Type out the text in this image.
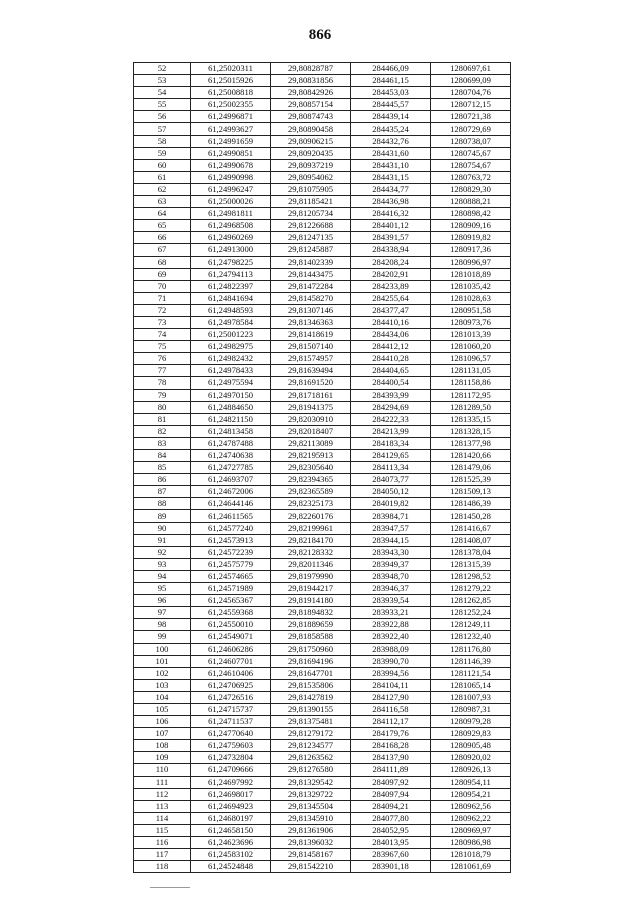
866
52	61,25020311	29,80828787	284466,09	1280697,61
53	61,25015926	29,80831856	284461,15	1280699,09
54	61,25008818	29,80842926	284453,03	1280704,76
55	61,25002355	29,80857154	284445,57	1280712,15
56	61,24996871	29,80874743	284439,14	1280721,38
57	61,24993627	29,80890458	284435,24	1280729,69
58	61,24991659	29,80906215	284432,76	1280738,07
59	61,24990851	29,80920435	284431,60	1280745,67
60	61,24990678	29,80937219	284431,10	1280754,67
61	61,24990998	29,80954062	284431,15	1280763,72
62	61,24996247	29,81075905	284434,77	1280829,30
63	61,25000026	29,81185421	284436,98	1280888,21
64	61,24981811	29,81205734	284416,32	1280898,42
65	61,24968508	29,81226688	284401,12	1280909,16
66	61,24960269	29,81247135	284391,57	1280919,82
67	61,24913000	29,81245887	284338,94	1280917,36
68	61,24798225	29,81402339	284208,24	1280996,97
69	61,24794113	29,81443475	284202,91	1281018,89
70	61,24822397	29,81472284	284233,89	1281035,42
71	61,24841694	29,81458270	284255,64	1281028,63
72	61,24948593	29,81307146	284377,47	1280951,58
73	61,24978584	29,81346363	284410,16	1280973,76
74	61,25001223	29,81418619	284434,06	1281013,39
75	61,24982975	29,81507140	284412,12	1281060,20
76	61,24982432	29,81574957	284410,28	1281096,57
77	61,24978433	29,81639494	284404,65	1281131,05
78	61,24975594	29,81691520	284400,54	1281158,86
79	61,24970150	29,81718161	284393,99	1281172,95
80	61,24884650	29,81941375	284294,69	1281289,50
81	61,24821150	29,82030910	284222,33	1281335,15
82	61,24813458	29,82018407	284213,99	1281328,15
83	61,24787488	29,82113089	284183,34	1281377,98
84	61,24740638	29,82195913	284129,65	1281420,66
85	61,24727785	29,82305640	284113,34	1281479,06
86	61,24693707	29,82394365	284073,77	1281525,39
87	61,24672006	29,82365589	284050,12	1281509,13
88	61,24644146	29,82325173	284019,82	1281486,39
89	61,24611565	29,82260176	283984,71	1281450,28
90	61,24577240	29,82199961	283947,57	1281416,67
91	61,24573913	29,82184170	283944,15	1281408,07
92	61,24572239	29,82128332	283943,30	1281378,04
93	61,24575779	29,82011346	283949,37	1281315,39
94	61,24574665	29,81979990	283948,70	1281298,52
95	61,24571989	29,81944217	283946,37	1281279,22
96	61,24565367	29,81914180	283939,54	1281262,85
97	61,24559368	29,81894832	283933,21	1281252,24
98	61,24550010	29,81889659	283922,88	1281249,11
99	61,24549071	29,81858588	283922,40	1281232,40
100	61,24606286	29,81750960	283988,09	1281176,80
101	61,24607701	29,81694196	283990,70	1281146,39
102	61,24610406	29,81647701	283994,56	1281121,54
103	61,24706925	29,81535806	284104,11	1281065,14
104	61,24726516	29,81427819	284127,90	1281007,93
105	61,24715737	29,81390155	284116,58	1280987,31
106	61,24711537	29,81375481	284112,17	1280979,28
107	61,24770640	29,81279172	284179,76	1280929,83
108	61,24759603	29,81234577	284168,28	1280905,48
109	61,24732804	29,81263562	284137,90	1280920,02
110	61,24709666	29,81276580	284111,89	1280926,13
111	61,24697992	29,81329542	284097,92	1280954,11
112	61,24698017	29,81329722	284097,94	1280954,21
113	61,24694923	29,81345504	284094,21	1280962,56
114	61,24680197	29,81345910	284077,80	1280962,22
115	61,24658150	29,81361906	284052,95	1280969,97
116	61,24623696	29,81396032	284013,95	1280986,98
117	61,24583102	29,81458167	283967,60	1281018,79
118	61,24524848	29,81542210	283901,18	1281061,69
